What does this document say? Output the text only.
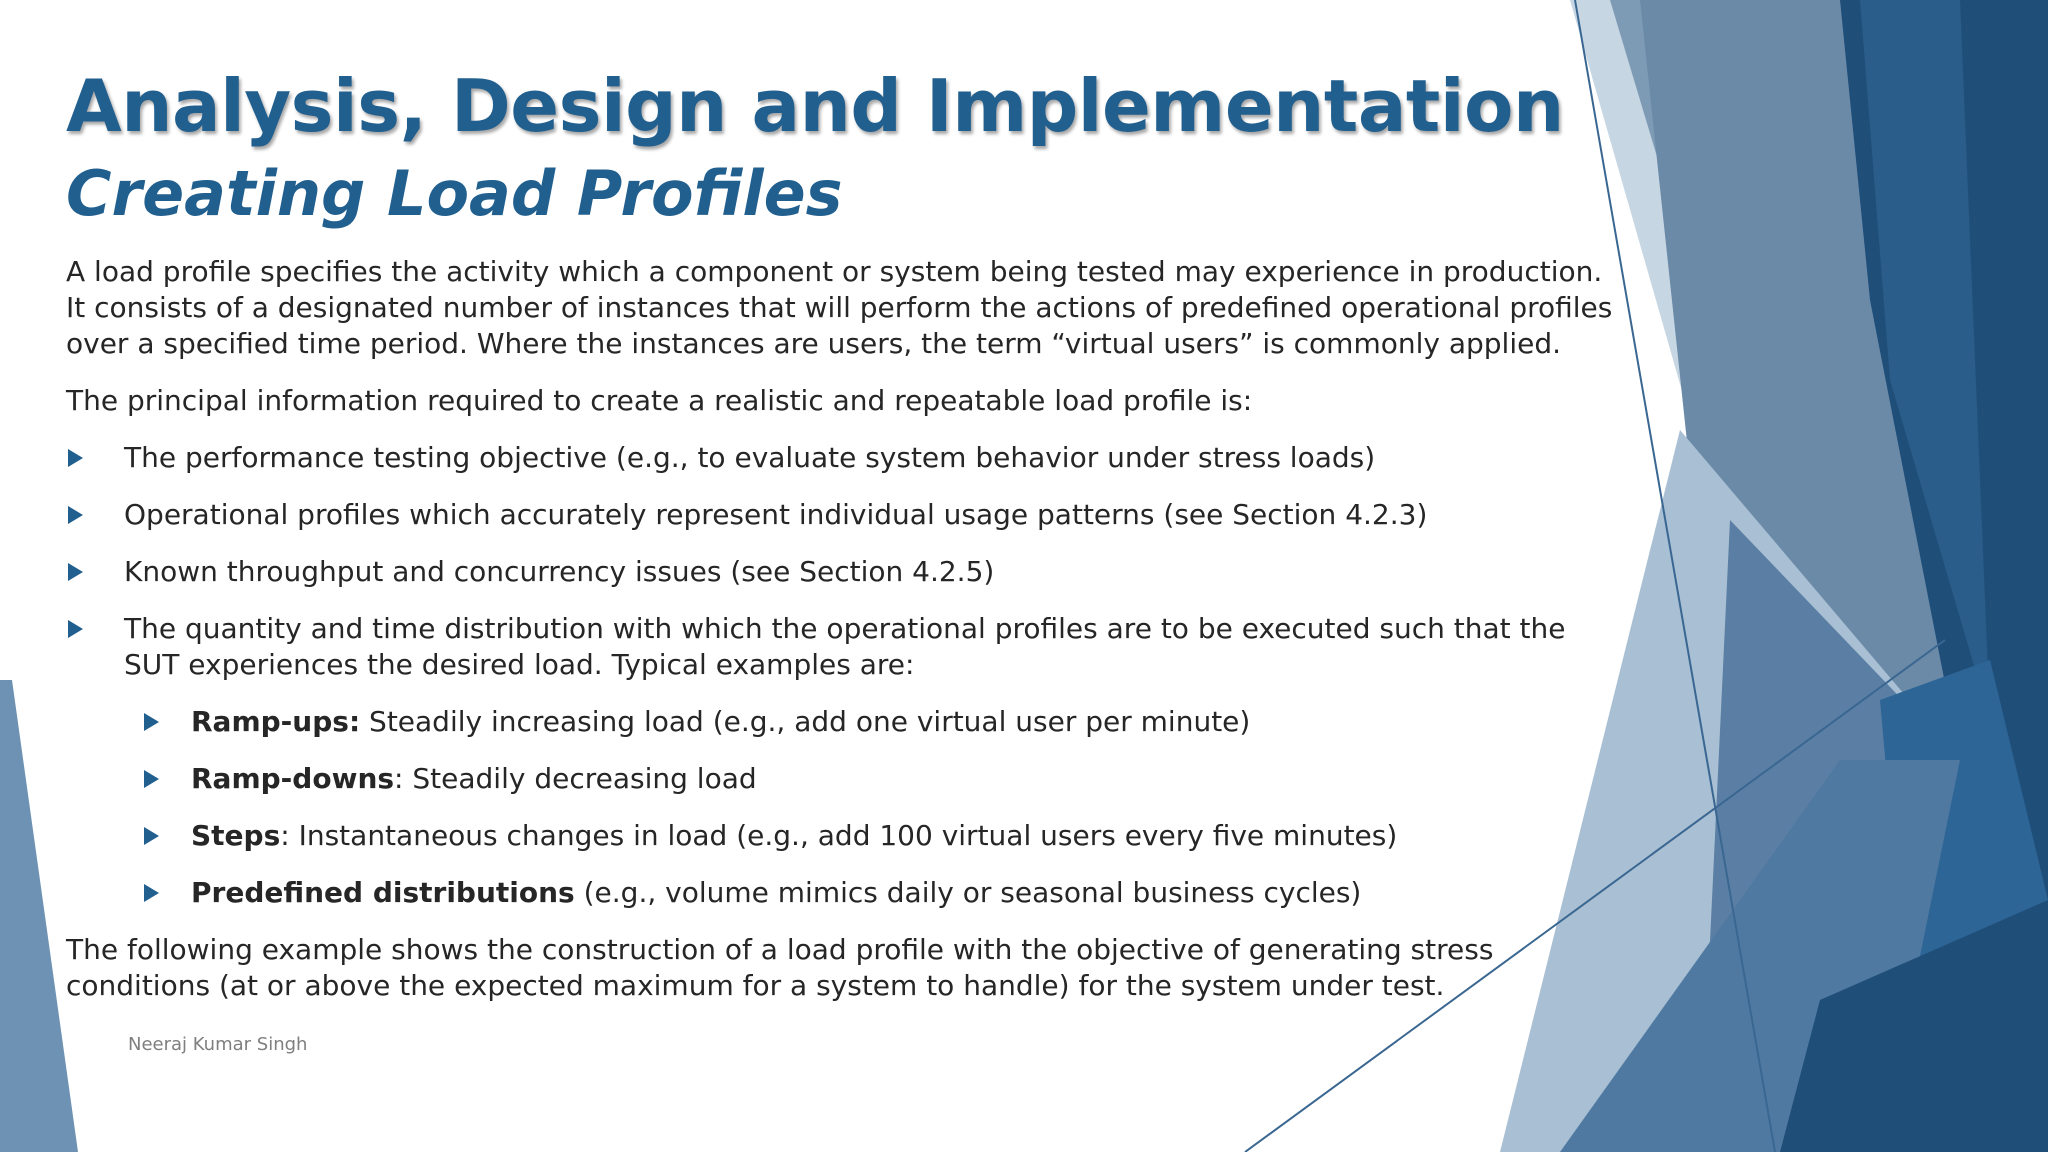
Analysis, Design and Implementation
Creating Load Profiles

A load profile specifies the activity which a component or system being tested may experience in production. It consists of a designated number of instances that will perform the actions of predefined operational profiles over a specified time period. Where the instances are users, the term “virtual users” is commonly applied.

The principal information required to create a realistic and repeatable load profile is:

The performance testing objective (e.g., to evaluate system behavior under stress loads)
Operational profiles which accurately represent individual usage patterns (see Section 4.2.3)
Known throughput and concurrency issues (see Section 4.2.5)
The quantity and time distribution with which the operational profiles are to be executed such that the SUT experiences the desired load. Typical examples are:
Ramp-ups: Steadily increasing load (e.g., add one virtual user per minute)
Ramp-downs: Steadily decreasing load
Steps: Instantaneous changes in load (e.g., add 100 virtual users every five minutes)
Predefined distributions (e.g., volume mimics daily or seasonal business cycles)

The following example shows the construction of a load profile with the objective of generating stress conditions (at or above the expected maximum for a system to handle) for the system under test.

Neeraj Kumar Singh
